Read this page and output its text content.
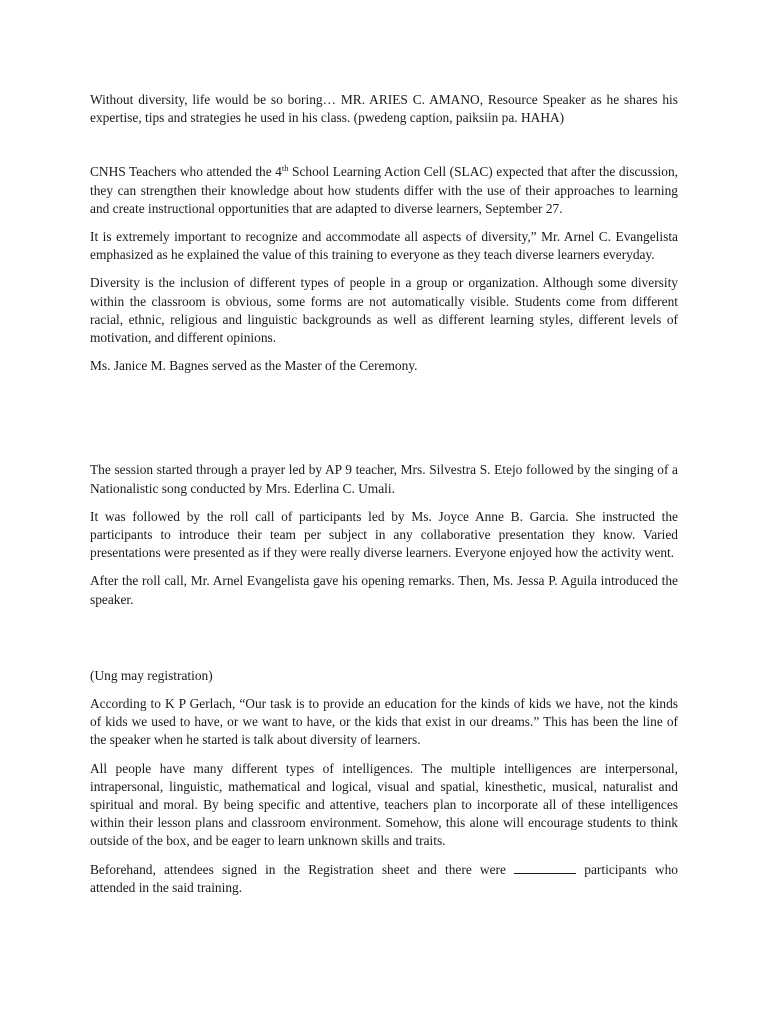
Without diversity, life would be so boring… MR. ARIES C. AMANO, Resource Speaker as he shares his expertise, tips and strategies he used in his class. (pwedeng caption, paiksiin pa. HAHA)

CNHS Teachers who attended the 4th School Learning Action Cell (SLAC) expected that after the discussion, they can strengthen their knowledge about how students differ with the use of their approaches to learning and create instructional opportunities that are adapted to diverse learners, September 27.

It is extremely important to recognize and accommodate all aspects of diversity,” Mr. Arnel C. Evangelista emphasized as he explained the value of this training to everyone as they teach diverse learners everyday.

Diversity is the inclusion of different types of people in a group or organization. Although some diversity within the classroom is obvious, some forms are not automatically visible. Students come from different racial, ethnic, religious and linguistic backgrounds as well as different learning styles, different levels of motivation, and different opinions.

Ms. Janice M. Bagnes served as the Master of the Ceremony.

The session started through a prayer led by AP 9 teacher, Mrs. Silvestra S. Etejo followed by the singing of a Nationalistic song conducted by Mrs. Ederlina C. Umali.

It was followed by the roll call of participants led by Ms. Joyce Anne B. Garcia. She instructed the participants to introduce their team per subject in any collaborative presentation they know. Varied presentations were presented as if they were really diverse learners. Everyone enjoyed how the activity went.

After the roll call, Mr. Arnel Evangelista gave his opening remarks. Then, Ms. Jessa P. Aguila introduced the speaker.

(Ung may registration)

According to K P Gerlach, “Our task is to provide an education for the kinds of kids we have, not the kinds of kids we used to have, or we want to have, or the kids that exist in our dreams.” This has been the line of the speaker when he started is talk about diversity of learners.

All people have many different types of intelligences. The multiple intelligences are interpersonal, intrapersonal, linguistic, mathematical and logical, visual and spatial, kinesthetic, musical, naturalist and spiritual and moral. By being specific and attentive, teachers plan to incorporate all of these intelligences within their lesson plans and classroom environment. Somehow, this alone will encourage students to think outside of the box, and be eager to learn unknown skills and traits.

Beforehand, attendees signed in the Registration sheet and there were	participants who

attended in the said training.
